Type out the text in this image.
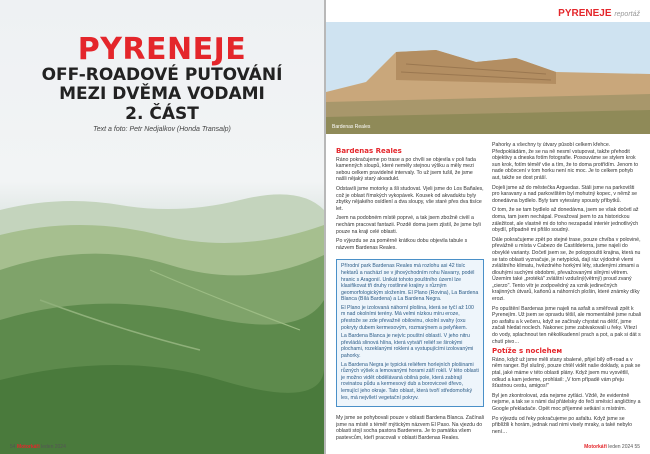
PYRENEJE
OFF-ROADOVÉ PUTOVÁNÍ
MEZI DVĚMA VODAMI
2. ČÁST
Text a foto: Petr Nedjalkov (Honda Transalp)
54 Motorkáři leden 2024
PYRENEJE reportáž
Bardenas Reales
Bardenas Reales

Ráno pokračujeme po trase a po chvíli se objevila v poli řada kamenných sloupů, které neměly stejnou výšku a měly mezi sebou celkem pravidelné intervaly. To už jsem tušil, že jsme našli nějaký starý akvadukt.

Odstavili jsme motorky a šli studovat. Vjeli jsme do Los Bañales, což je oblast římských vykopávek. Kousek od akvaduktu byly zbytky nějakého osídlení a dva sloupy, vše staré přes dva tisíce let.

Jsem na podobném místě poprvé, a tak jsem zbožně civěl a nechám pracovat fantazii. Pozdě doma jsem zjistil, že jsme byli pouze na kraji celé oblasti.

Po výjezdu se za poměrně krátkou dobu objevila tabule s názvem Bardenas Reales.

Přírodní park Bardenas Reales má rozlohu asi 42 tisíc hektarů a nachází se v jihovýchodním rohu Navarry, podél hranic s Aragonií. Unikát tohoto pouštního území lze klasifikovat tři druhy rostlinné krajiny s různým geomorfologickým složením. El Plano (Rovina), La Bardena Blanca (Bílá Bardena) a La Bardena Negra.

El Plano je izolovaná náhorní plošina, která se tyčí až 100 m nad okolními terény. Má velmi nízkou míru eroze, přestože se zde převažně obilovinu, okolní svahy (oxu pokryty dubem kermesovým, rozmarýnem a pelyňkem.

La Bardena Blanca je nejvíc pouštní oblastí. V jeho nitru převládá slinová hlína, která vytváří reliéf se širokými plochami, rozeklanými rokleni a vystupujícími izolovanými pahorky.

La Bardena Negra je typická reliéfem horlejních plošinami různých výšek a lemovanými horami září roklí. V této oblasti je možno vidět obdělávaná obilná pole, která zabírají rovinatou půdu a kermesový dub a borovicové dřevo, lemující jeho okraje. Tato oblast, která tvoří středomořský les, má nejvíletí vegetační pokryv.

My jsme se pohybovali pouze v oblasti Bardena Blanca. Začínali jsme na místě s téměř mýtickým názvem El Paso. Na vjezdu do oblasti stojí socha pastora Bardenera. Je to památka všem pastevcům, kteří pracovali v oblasti Bardenas Reales.

Pahorky a všechny ty útvary působí celkem křehce. Předpokládám, že se na ně nesmí vstupovat, takže přehodit objektivy a dneska fotím fotografie. Posouváme se stylem krok sun krok, fotím téměř vše a tím, že to doma protřídím. Jenom to nade občecení v tom horku není nic moc. Je to celkem pohyb aut, takže se dost práší.

Dojeli jsme až do městečka Arguedas. Stáli jsme na parkovišti pro karavany a nad parkovištěm byl mohutný kopec, v němž se donedávna bydlelo. Byly tam vytesány spousty příbytků.

O tom, že se tam bydlelo až donedávna, jsem se však dočetl až doma, tam jsem nechápal. Považoval jsem to za historickou záležitost, ale vlastně mi do toho nezapadal interiér jednotlivých obydlí, případně mi přišlo soudný.

Dále pokračujeme zpět po stejné trase, pouze chvíba v poloviné, převážně u místa v Cabezo de Castildeterra, jsme najeli do obvyklé varianty. Dočetl jsem se, že poloppoušti krajina, která nu se tato oblasti vyznačuje, je netypická, dají ráz výdodně vlemi zvláštního klimatu, hvězdného horkými léty, studenými zimami a dlouhými suchými obdobmi, převažovanými silnými větrem. Územím také „protéká" zvláštní vzdušný(větrný) proud zvaný „cierzo". Tento vítr je zodpovědný za vznik jedinečných krajinných útvarů, kaňonů a náhorních plošin, které známky díky erozi.

Po opuštění Bardenas jsme najeli na asfalt a směřovali zpět k Pyrenejím. Už jsem se opravdu těšil, ale momentálně jsme rubali po asfaltu a k večeru, když se začínaly chystat na děšť, jsme začali hledat noclech. Nakonec jsme zabivakovali u řeky. Vítezí do vody, splachnout ten několikadenní prach a pot, a pak si dát s chutí pivo…

Potíže s nocleheм

Ráno, když už jsme měli stany sbalené, přijel bílý off-road a v něm ranger. Byl slušný, pouze chtěl vidět naše doklady, a pak se ptal, jaké máme v této oblasti plány. Když jsem mu vysvětlil, odkud a kam jedeme, prohlásil: „V tom případě vám přeju šťastnou cestu, amigos!"

Byl jen zkontrolovat, zda nejsme zytláci. Vždě, že evidentně nejsme, a tak se s námi dal přátelsky do řeči směsicí angličtiny a Google překladače. Opět moc příjemné setkání s místním.

Po výjezdu od řeky pokračujeme po asfaltu. Když jsme se přiblížili k horám, jednak nad nimi visely mraky, a také nebylo není…

Motorkáři leden 2024 55
